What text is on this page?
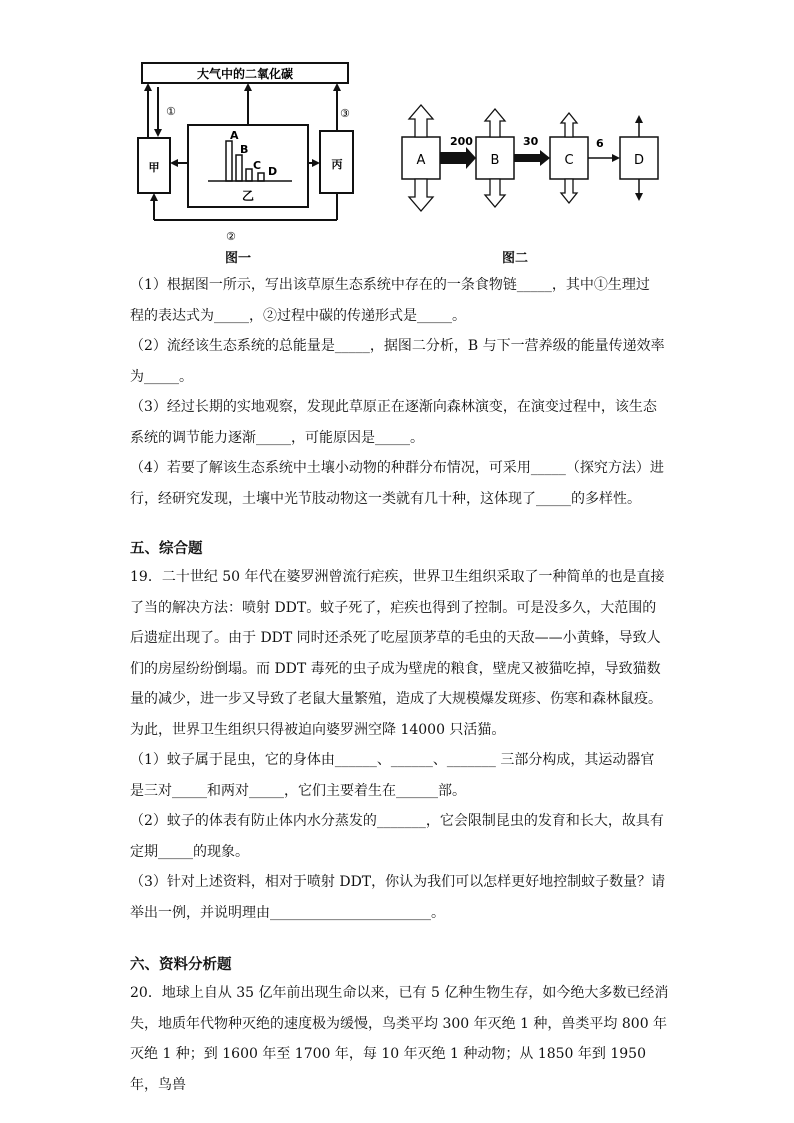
大气中的二氧化碳
甲	丙
A
B
C D
乙
①	③
②
图一
A	B	C	D
200	30	6
图二

（1）根据图一所示，写出该草原生态系统中存在的一条食物链_____，其中①生理过

程的表达式为_____，②过程中碳的传递形式是_____。

（2）流经该生态系统的总能量是_____，据图二分析，B 与下一营养级的能量传递效率

为_____。

（3）经过长期的实地观察，发现此草原正在逐渐向森林演变，在演变过程中，该生态

系统的调节能力逐渐_____，可能原因是_____。

（4）若要了解该生态系统中土壤小动物的种群分布情况，可采用_____（探究方法）进

行，经研究发现，土壤中光节肢动物这一类就有几十种，这体现了_____的多样性。

五、综合题

19．二十世纪 50 年代在婆罗洲曾流行疟疾，世界卫生组织采取了一种简单的也是直接

了当的解决方法：喷射 DDT。蚊子死了，疟疾也得到了控制。可是没多久，大范围的

后遗症出现了。由于 DDT 同时还杀死了吃屋顶茅草的毛虫的天敌——小黄蜂，导致人

们的房屋纷纷倒塌。而 DDT 毒死的虫子成为壁虎的粮食，壁虎又被猫吃掉，导致猫数

量的减少，进一步又导致了老鼠大量繁殖，造成了大规模爆发斑疹、伤寒和森林鼠疫。

为此，世界卫生组织只得被迫向婆罗洲空降 14000 只活猫。

（1）蚊子属于昆虫，它的身体由______、______、_______ 三部分构成，其运动器官

是三对_____和两对_____，它们主要着生在______部。

（2）蚊子的体表有防止体内水分蒸发的_______，它会限制昆虫的发育和长大，故具有

定期_____的现象。

（3）针对上述资料，相对于喷射 DDT，你认为我们可以怎样更好地控制蚊子数量？请

举出一例，并说明理由_______________________。

六、资料分析题

20．地球上自从 35 亿年前出现生命以来，已有 5 亿种生物生存，如今绝大多数已经消

失，地质年代物种灭绝的速度极为缓慢，鸟类平均 300 年灭绝 1 种，兽类平均 800 年

灭绝 1 种；到 1600 年至 1700 年，每 10 年灭绝 1 种动物；从 1850 年到 1950 年，鸟兽
